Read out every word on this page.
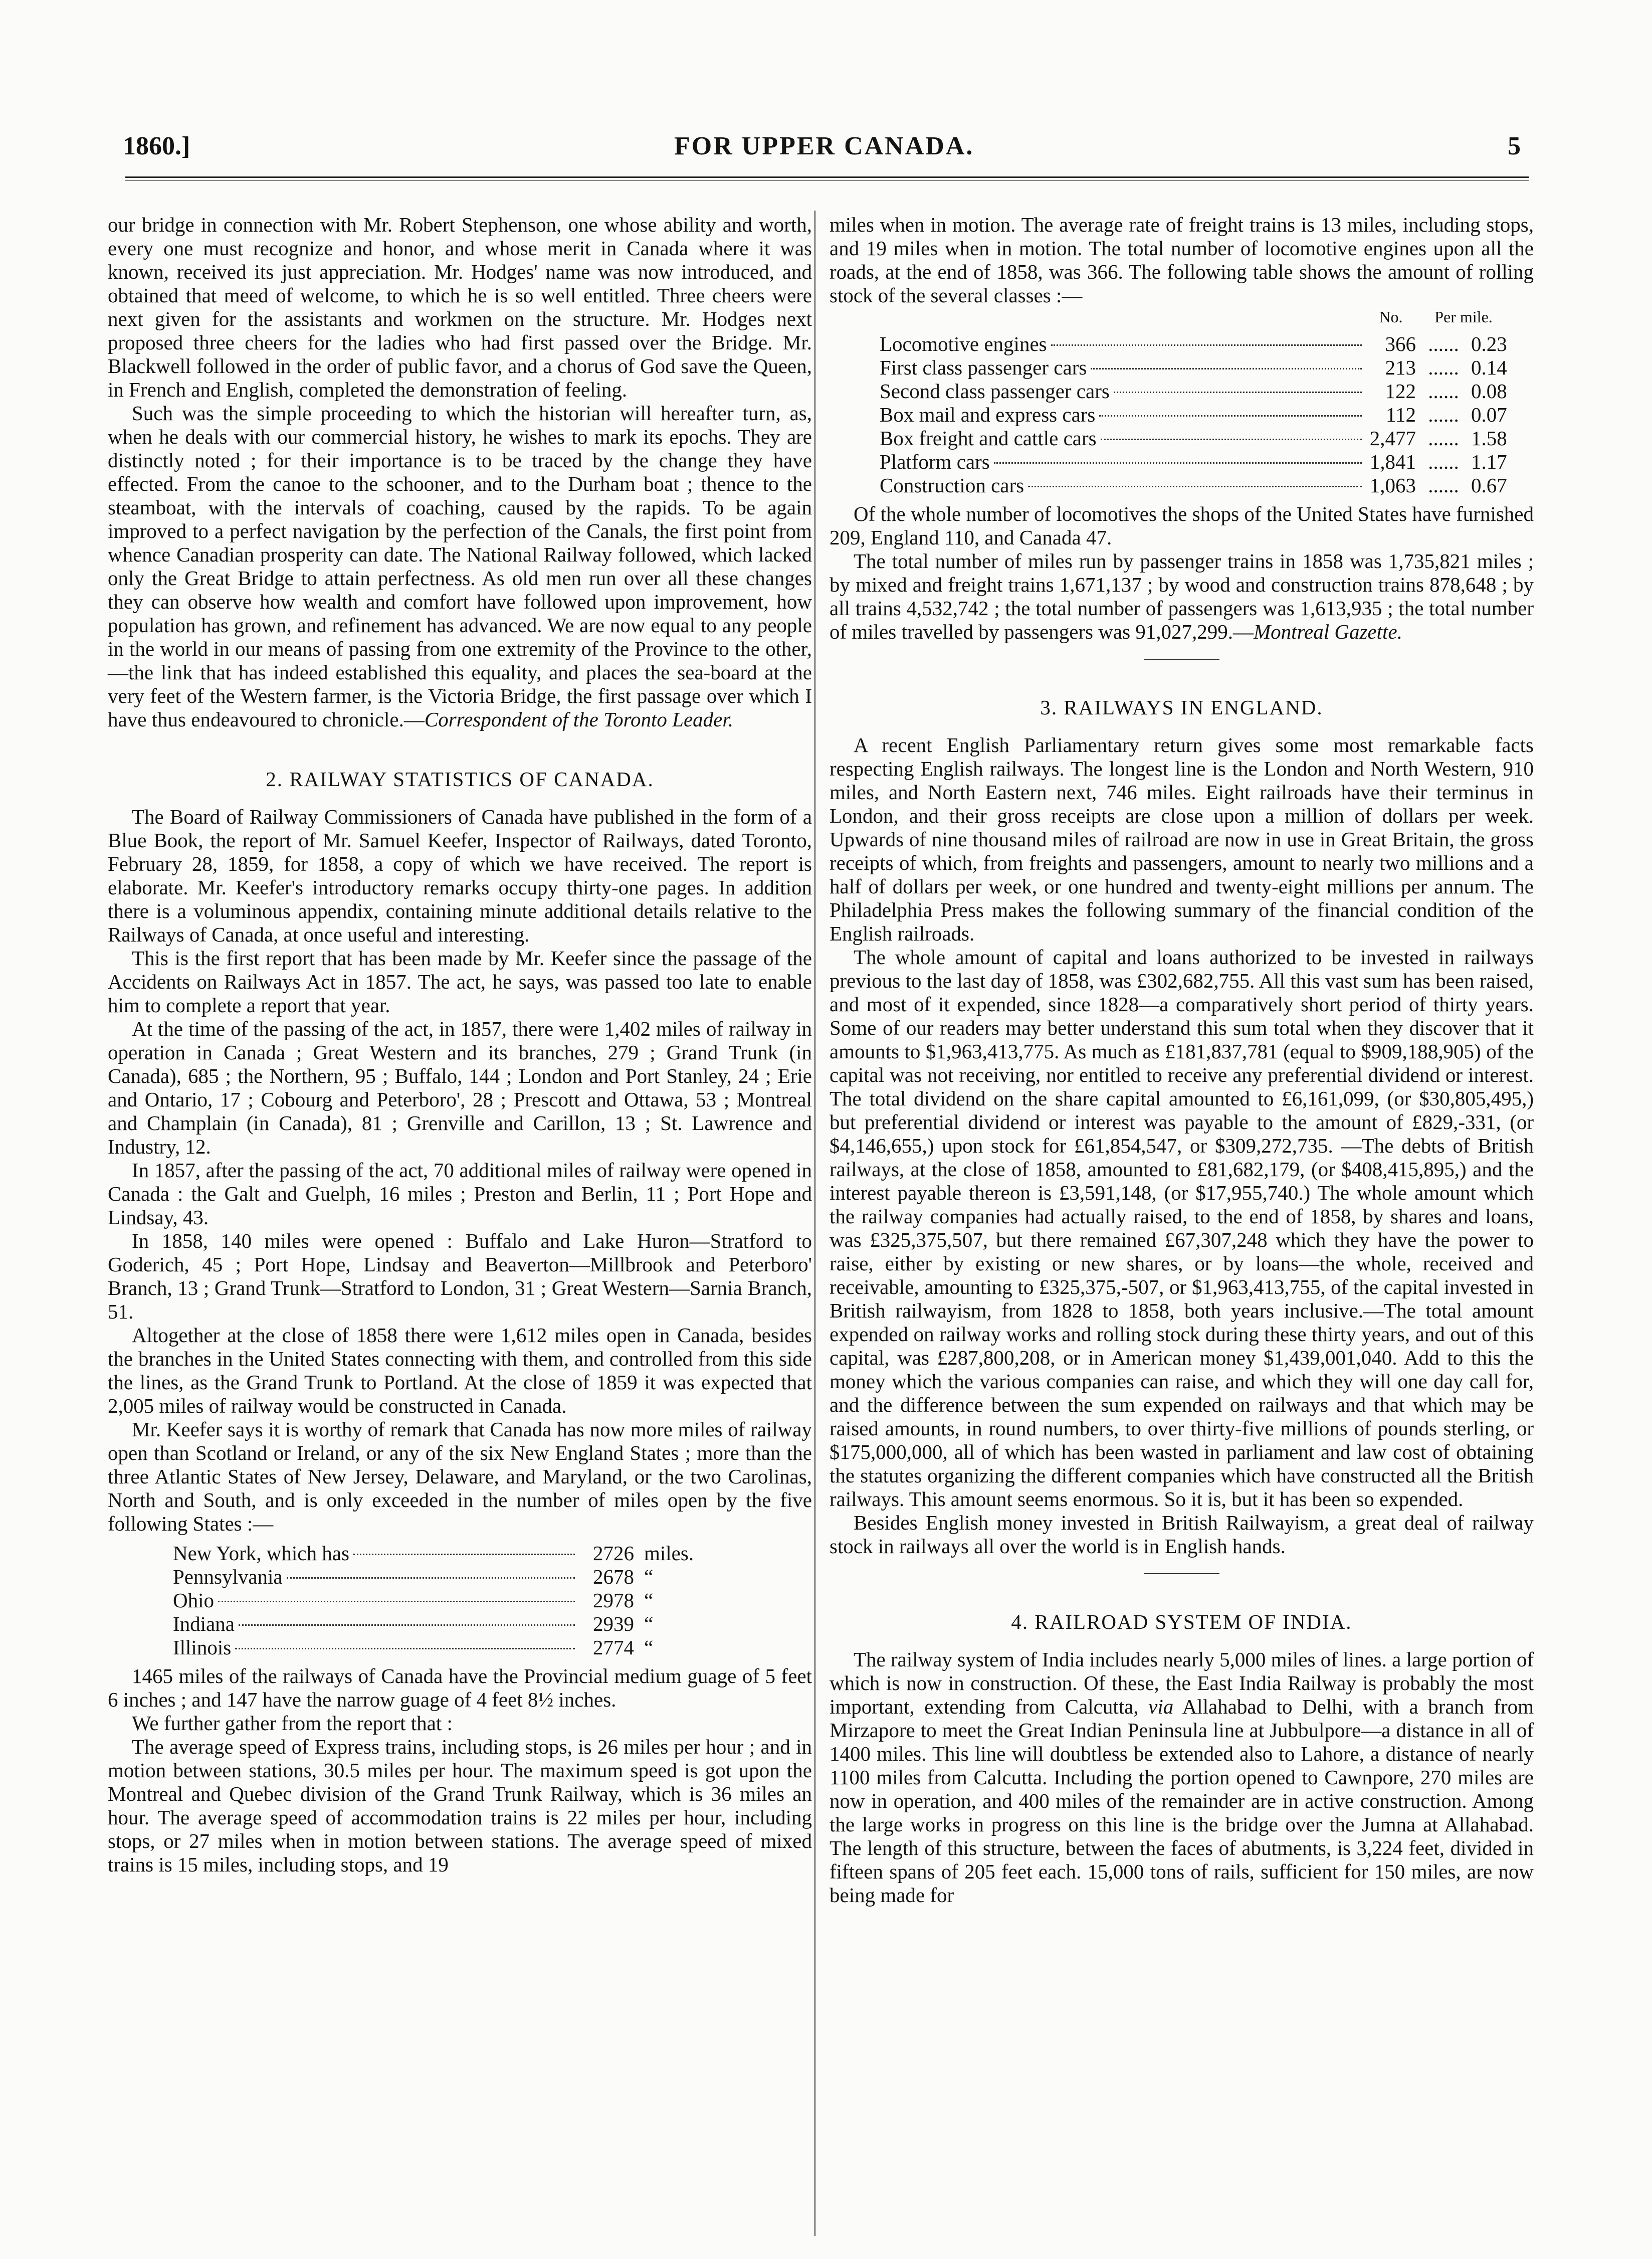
1860.]	FOR UPPER CANADA.	5

our bridge in connection with Mr. Robert Stephenson, one whose ability and worth, every one must recognize and honor, and whose merit in Canada where it was known, received its just appreciation. Mr. Hodges' name was now introduced, and obtained that meed of welcome, to which he is so well entitled. Three cheers were next given for the assistants and workmen on the structure. Mr. Hodges next proposed three cheers for the ladies who had first passed over the Bridge. Mr. Blackwell followed in the order of public favor, and a chorus of God save the Queen, in French and English, completed the demonstration of feeling.

Such was the simple proceeding to which the historian will hereafter turn, as, when he deals with our commercial history, he wishes to mark its epochs. They are distinctly noted ; for their importance is to be traced by the change they have effected. From the canoe to the schooner, and to the Durham boat ; thence to the steamboat, with the intervals of coaching, caused by the rapids. To be again improved to a perfect navigation by the perfection of the Canals, the first point from whence Canadian prosperity can date. The National Railway followed, which lacked only the Great Bridge to attain perfectness. As old men run over all these changes they can observe how wealth and comfort have followed upon improvement, how population has grown, and refinement has advanced. We are now equal to any people in the world in our means of passing from one extremity of the Province to the other, —the link that has indeed established this equality, and places the sea-board at the very feet of the Western farmer, is the Victoria Bridge, the first passage over which I have thus endeavoured to chronicle.—Correspondent of the Toronto Leader.

2. RAILWAY STATISTICS OF CANADA.

The Board of Railway Commissioners of Canada have published in the form of a Blue Book, the report of Mr. Samuel Keefer, Inspector of Railways, dated Toronto, February 28, 1859, for 1858, a copy of which we have received. The report is elaborate. Mr. Keefer's introductory remarks occupy thirty-one pages. In addition there is a voluminous appendix, containing minute additional details relative to the Railways of Canada, at once useful and interesting.

This is the first report that has been made by Mr. Keefer since the passage of the Accidents on Railways Act in 1857. The act, he says, was passed too late to enable him to complete a report that year.

At the time of the passing of the act, in 1857, there were 1,402 miles of railway in operation in Canada ; Great Western and its branches, 279 ; Grand Trunk (in Canada), 685 ; the Northern, 95 ; Buffalo, 144 ; London and Port Stanley, 24 ; Erie and Ontario, 17 ; Cobourg and Peterboro', 28 ; Prescott and Ottawa, 53 ; Montreal and Champlain (in Canada), 81 ; Grenville and Carillon, 13 ; St. Lawrence and Industry, 12.

In 1857, after the passing of the act, 70 additional miles of railway were opened in Canada : the Galt and Guelph, 16 miles ; Preston and Berlin, 11 ; Port Hope and Lindsay, 43.

In 1858, 140 miles were opened : Buffalo and Lake Huron—Stratford to Goderich, 45 ; Port Hope, Lindsay and Beaverton—Millbrook and Peterboro' Branch, 13 ; Grand Trunk—Stratford to London, 31 ; Great Western—Sarnia Branch, 51.

Altogether at the close of 1858 there were 1,612 miles open in Canada, besides the branches in the United States connecting with them, and controlled from this side the lines, as the Grand Trunk to Portland. At the close of 1859 it was expected that 2,005 miles of railway would be constructed in Canada.

Mr. Keefer says it is worthy of remark that Canada has now more miles of railway open than Scotland or Ireland, or any of the six New England States ; more than the three Atlantic States of New Jersey, Delaware, and Maryland, or the two Carolinas, North and South, and is only exceeded in the number of miles open by the five following States :—

New York, which has	2726 miles.
Pennsylvania	2678 “
Ohio	2978 “
Indiana	2939 “
Illinois	2774 “

1465 miles of the railways of Canada have the Provincial medium guage of 5 feet 6 inches ; and 147 have the narrow guage of 4 feet 8½ inches.

We further gather from the report that :

The average speed of Express trains, including stops, is 26 miles per hour ; and in motion between stations, 30.5 miles per hour. The maximum speed is got upon the Montreal and Quebec division of the Grand Trunk Railway, which is 36 miles an hour. The average speed of accommodation trains is 22 miles per hour, including stops, or 27 miles when in motion between stations. The average speed of mixed trains is 15 miles, including stops, and 19

miles when in motion. The average rate of freight trains is 13 miles, including stops, and 19 miles when in motion. The total number of locomotive engines upon all the roads, at the end of 1858, was 366. The following table shows the amount of rolling stock of the several classes :—

No.	Per mile.
Locomotive engines	366 ...... 0.23
First class passenger cars	213 ...... 0.14
Second class passenger cars	122 ...... 0.08
Box mail and express cars	112 ...... 0.07
Box freight and cattle cars	2,477 ...... 1.58
Platform cars	1,841 ...... 1.17
Construction cars	1,063 ...... 0.67

Of the whole number of locomotives the shops of the United States have furnished 209, England 110, and Canada 47.

The total number of miles run by passenger trains in 1858 was 1,735,821 miles ; by mixed and freight trains 1,671,137 ; by wood and construction trains 878,648 ; by all trains 4,532,742 ; the total number of passengers was 1,613,935 ; the total number of miles travelled by passengers was 91,027,299.—Montreal Gazette.

3. RAILWAYS IN ENGLAND.

A recent English Parliamentary return gives some most remarkable facts respecting English railways. The longest line is the London and North Western, 910 miles, and North Eastern next, 746 miles. Eight railroads have their terminus in London, and their gross receipts are close upon a million of dollars per week. Upwards of nine thousand miles of railroad are now in use in Great Britain, the gross receipts of which, from freights and passengers, amount to nearly two millions and a half of dollars per week, or one hundred and twenty-eight millions per annum. The Philadelphia Press makes the following summary of the financial condition of the English railroads.

The whole amount of capital and loans authorized to be invested in railways previous to the last day of 1858, was £302,682,755. All this vast sum has been raised, and most of it expended, since 1828—a comparatively short period of thirty years. Some of our readers may better understand this sum total when they discover that it amounts to $1,963,413,775. As much as £181,837,781 (equal to $909,188,905) of the capital was not receiving, nor entitled to receive any preferential dividend or interest. The total dividend on the share capital amounted to £6,161,099, (or $30,805,495,) but preferential dividend or interest was payable to the amount of £829,-331, (or $4,146,655,) upon stock for £61,854,547, or $309,272,735. —The debts of British railways, at the close of 1858, amounted to £81,682,179, (or $408,415,895,) and the interest payable thereon is £3,591,148, (or $17,955,740.) The whole amount which the railway companies had actually raised, to the end of 1858, by shares and loans, was £325,375,507, but there remained £67,307,248 which they have the power to raise, either by existing or new shares, or by loans—the whole, received and receivable, amounting to £325,375,-507, or $1,963,413,755, of the capital invested in British railwayism, from 1828 to 1858, both years inclusive.—The total amount expended on railway works and rolling stock during these thirty years, and out of this capital, was £287,800,208, or in American money $1,439,001,040. Add to this the money which the various companies can raise, and which they will one day call for, and the difference between the sum expended on railways and that which may be raised amounts, in round numbers, to over thirty-five millions of pounds sterling, or $175,000,000, all of which has been wasted in parliament and law cost of obtaining the statutes organizing the different companies which have constructed all the British railways. This amount seems enormous. So it is, but it has been so expended.

Besides English money invested in British Railwayism, a great deal of railway stock in railways all over the world is in English hands.

4. RAILROAD SYSTEM OF INDIA.

The railway system of India includes nearly 5,000 miles of lines. a large portion of which is now in construction. Of these, the East India Railway is probably the most important, extending from Calcutta, via Allahabad to Delhi, with a branch from Mirzapore to meet the Great Indian Peninsula line at Jubbulpore—a distance in all of 1400 miles. This line will doubtless be extended also to Lahore, a distance of nearly 1100 miles from Calcutta. Including the portion opened to Cawnpore, 270 miles are now in operation, and 400 miles of the remainder are in active construction. Among the large works in progress on this line is the bridge over the Jumna at Allahabad. The length of this structure, between the faces of abutments, is 3,224 feet, divided in fifteen spans of 205 feet each. 15,000 tons of rails, sufficient for 150 miles, are now being made for
